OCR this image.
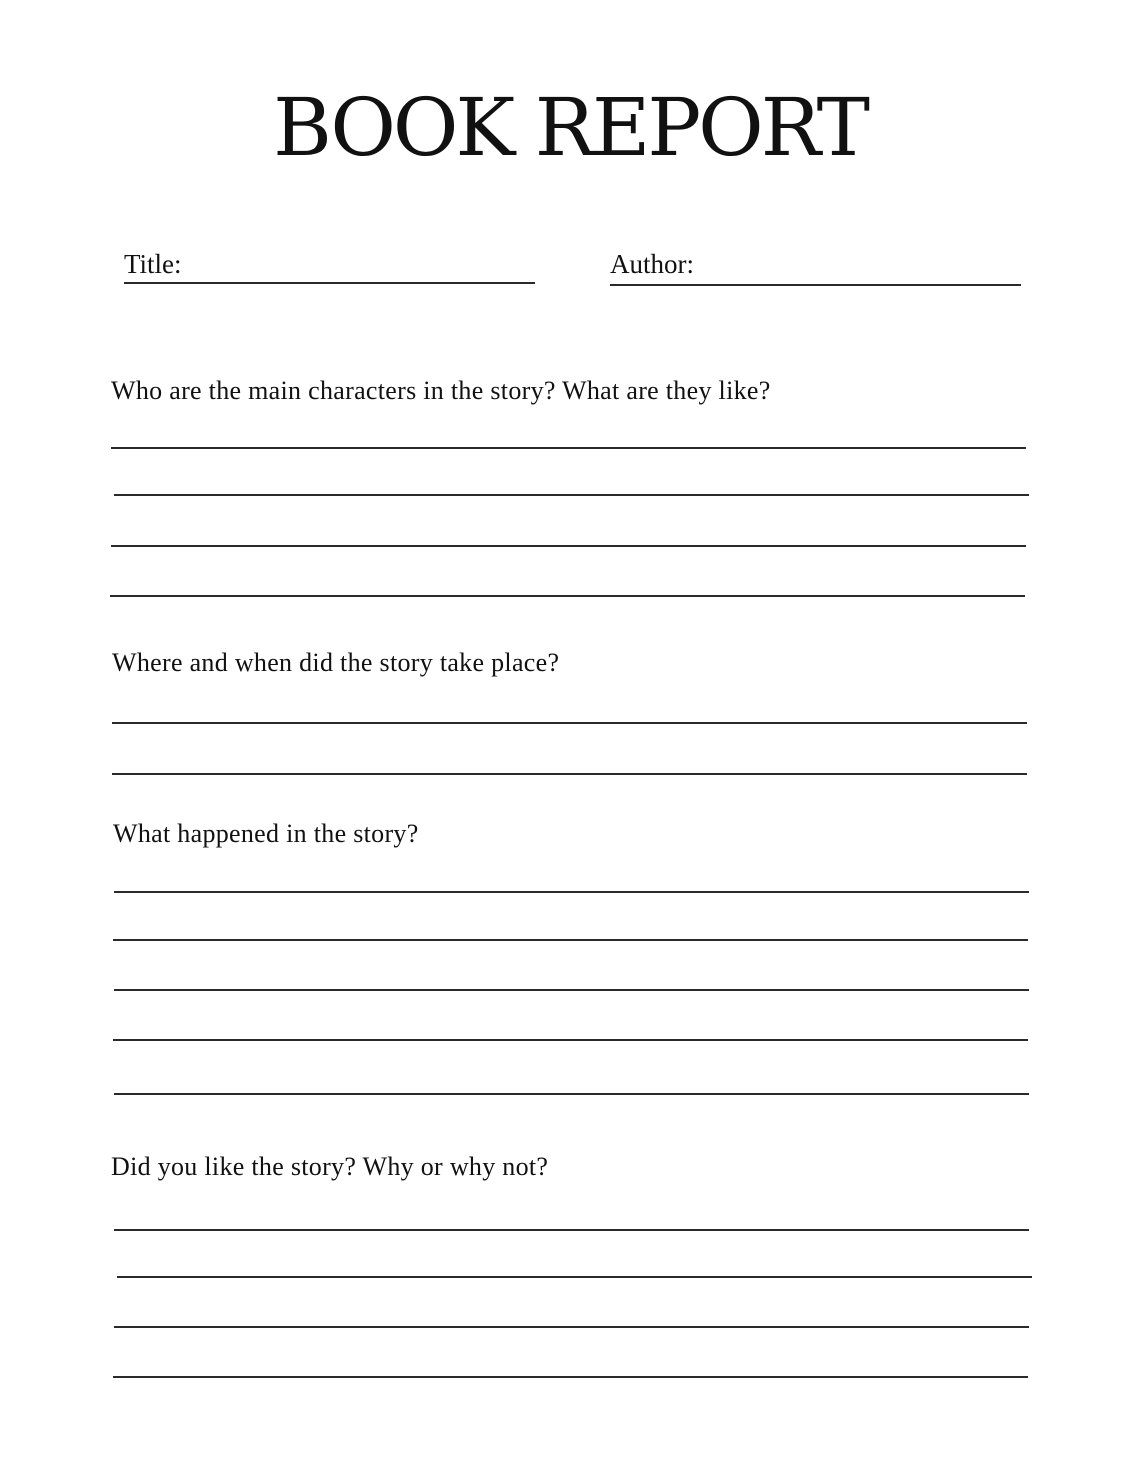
BOOK REPORT
Title:	Author:
Who are the main characters in the story? What are they like?
Where and when did the story take place?
What happened in the story?
Did you like the story? Why or why not?
